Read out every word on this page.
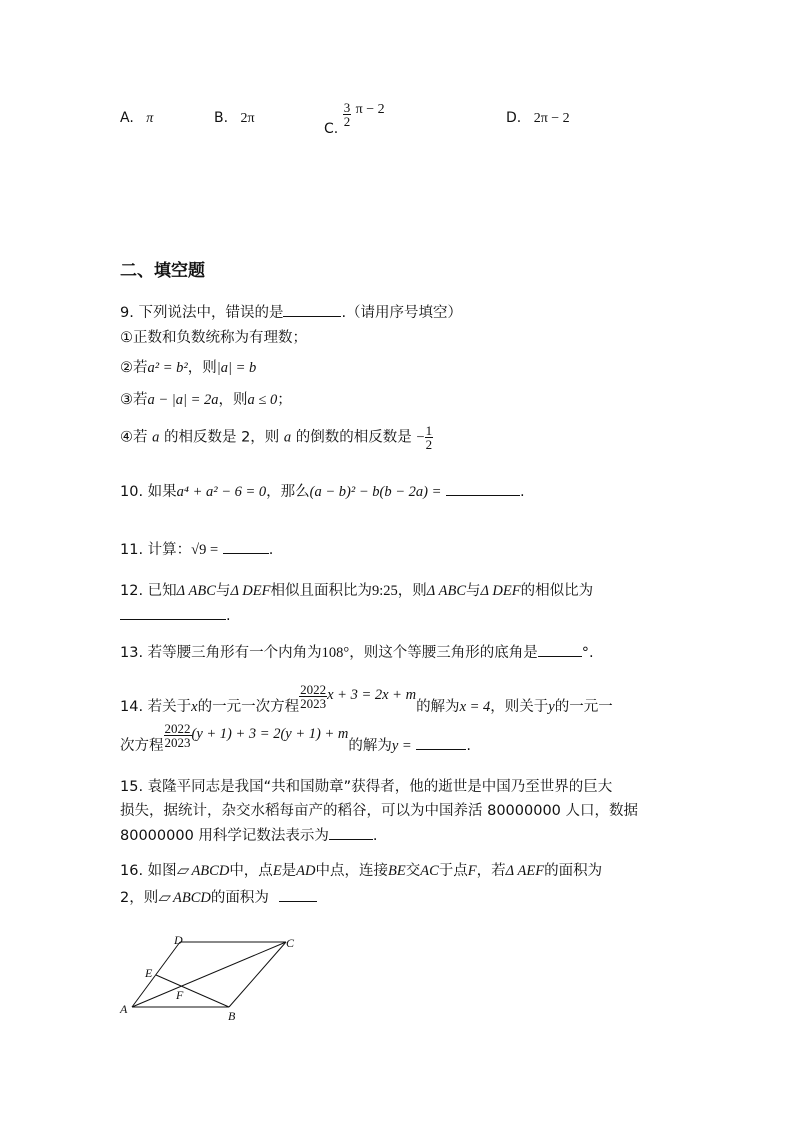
A. π	B. 2π
C.
$\frac{3}{2}$ π − 2
D. 2π − 2
二、填空题
9. 下列说法中，错误的是	.（请用序号填空）
①正数和负数统称为有理数；
②若a² = b²，则|a| = b
③若a − |a| = 2a，则a ≤ 0；
④若 a 的相反数是 2，则 a 的倒数的相反数是 − $\frac{1}{2}$
10. 如果a⁴ + a² − 6 = 0，那么(a − b)² − b(b − 2a) =	.
11. 计算：√9 =	.
12. 已知Δ ABC与Δ DEF相似且面积比为9:25，则Δ ABC与Δ DEF的相似比为
.
13. 若等腰三角形有一个内角为108°，则这个等腰三角形的底角是	°.
14. 若关于x的一元一次方程 $\frac{2022}{2023}$ x + 3 = 2x + m的解为x = 4，则关于y的一元一
次方程 $\frac{2022}{2023} (y + 1) + 3 = 2(y + 1) + m$的解为y =	.
15. 袁隆平同志是我国“共和国勋章”获得者，他的逝世是中国乃至世界的巨大
损失，据统计，杂交水稻每亩产的稻谷，可以为中国养活 80000000 人口，数据
80000000 用科学记数法表示为	.
16. 如图▱ ABCD中，点E是AD中点，连接BE交AC于点F，若Δ AEF的面积为
2，则▱ ABCD的面积为
A	B
C
D
E
F
